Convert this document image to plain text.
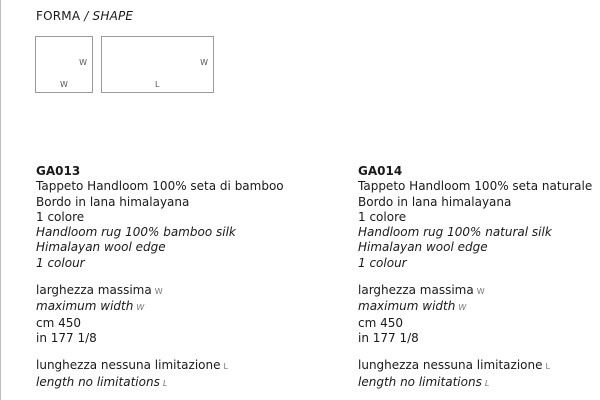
FORMA / SHAPE
W
W
W
L
GA013
Tappeto Handloom 100% seta di bamboo
Bordo in lana himalayana
1 colore
Handloom rug 100% bamboo silk
Himalayan wool edge
1 colour
larghezza massima W
maximum width W
cm 450
in 177 1/8
lunghezza nessuna limitazione L
length no limitations L
GA014
Tappeto Handloom 100% seta naturale
Bordo in lana himalayana
1 colore
Handloom rug 100% natural silk
Himalayan wool edge
1 colour
larghezza massima W
maximum width W
cm 450
in 177 1/8
lunghezza nessuna limitazione L
length no limitations L
